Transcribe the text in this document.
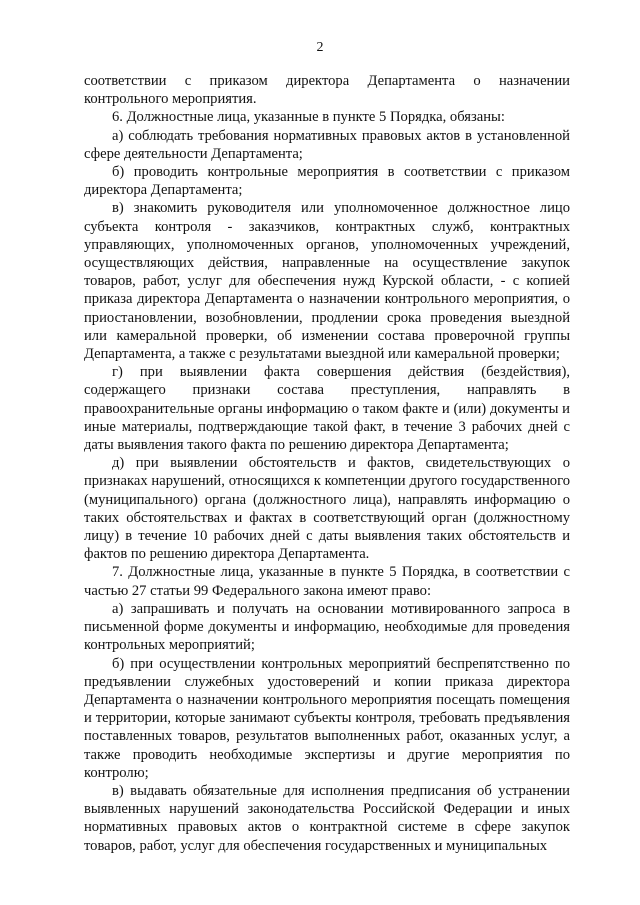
2

соответствии с приказом директора Департамента о назначении контрольного мероприятия.

6. Должностные лица, указанные в пункте 5 Порядка, обязаны:

а) соблюдать требования нормативных правовых актов в установленной сфере деятельности Департамента;

б) проводить контрольные мероприятия в соответствии с приказом директора Департамента;

в) знакомить руководителя или уполномоченное должностное лицо субъекта контроля - заказчиков, контрактных служб, контрактных управляющих, уполномоченных органов, уполномоченных учреждений, осуществляющих действия, направленные на осуществление закупок товаров, работ, услуг для обеспечения нужд Курской области, - с копией приказа директора Департамента о назначении контрольного мероприятия, о приостановлении, возобновлении, продлении срока проведения выездной или камеральной проверки, об изменении состава проверочной группы Департамента, а также с результатами выездной или камеральной проверки;

г) при выявлении факта совершения действия (бездействия), содержащего признаки состава преступления, направлять в правоохранительные органы информацию о таком факте и (или) документы и иные материалы, подтверждающие такой факт, в течение 3 рабочих дней с даты выявления такого факта по решению директора Департамента;

д) при выявлении обстоятельств и фактов, свидетельствующих о признаках нарушений, относящихся к компетенции другого государственного (муниципального) органа (должностного лица), направлять информацию о таких обстоятельствах и фактах в соответствующий орган (должностному лицу) в течение 10 рабочих дней с даты выявления таких обстоятельств и фактов по решению директора Департамента.

7. Должностные лица, указанные в пункте 5 Порядка, в соответствии с частью 27 статьи 99 Федерального закона имеют право:

а) запрашивать и получать на основании мотивированного запроса в письменной форме документы и информацию, необходимые для проведения контрольных мероприятий;

б) при осуществлении контрольных мероприятий беспрепятственно по предъявлении служебных удостоверений и копии приказа директора Департамента о назначении контрольного мероприятия посещать помещения и территории, которые занимают субъекты контроля, требовать предъявления поставленных товаров, результатов выполненных работ, оказанных услуг, а также проводить необходимые экспертизы и другие мероприятия по контролю;

в) выдавать обязательные для исполнения предписания об устранении выявленных нарушений законодательства Российской Федерации и иных нормативных правовых актов о контрактной системе в сфере закупок товаров, работ, услуг для обеспечения государственных и муниципальных
